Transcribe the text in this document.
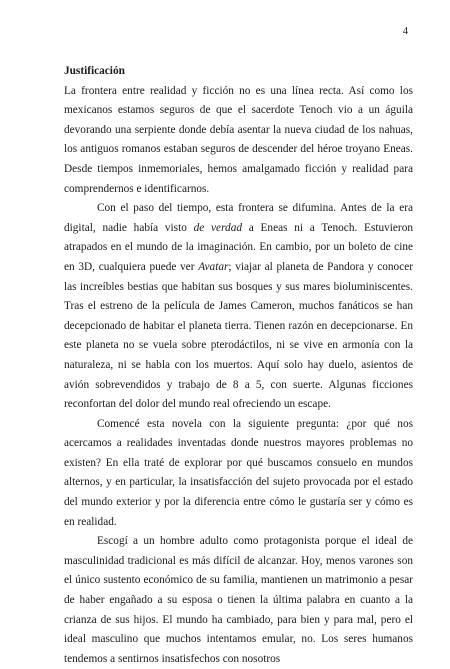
4

Justificación

La frontera entre realidad y ficción no es una línea recta. Así como los mexicanos estamos seguros de que el sacerdote Tenoch vio a un águila devorando una serpiente donde debía asentar la nueva ciudad de los nahuas, los antiguos romanos estaban seguros de descender del héroe troyano Eneas. Desde tiempos inmemoriales, hemos amalgamado ficción y realidad para comprendernos e identificarnos.

Con el paso del tiempo, esta frontera se difumina. Antes de la era digital, nadie había visto de verdad a Eneas ni a Tenoch. Estuvieron atrapados en el mundo de la imaginación. En cambio, por un boleto de cine en 3D, cualquiera puede ver Avatar; viajar al planeta de Pandora y conocer las increíbles bestias que habitan sus bosques y sus mares bioluminiscentes. Tras el estreno de la película de James Cameron, muchos fanáticos se han decepcionado de habitar el planeta tierra. Tienen razón en decepcionarse. En este planeta no se vuela sobre pterodáctilos, ni se vive en armonía con la naturaleza, ni se habla con los muertos. Aquí solo hay duelo, asientos de avión sobrevendidos y trabajo de 8 a 5, con suerte. Algunas ficciones reconfortan del dolor del mundo real ofreciendo un escape.

Comencé esta novela con la siguiente pregunta: ¿por qué nos acercamos a realidades inventadas donde nuestros mayores problemas no existen? En ella traté de explorar por qué buscamos consuelo en mundos alternos, y en particular, la insatisfacción del sujeto provocada por el estado del mundo exterior y por la diferencia entre cómo le gustaría ser y cómo es en realidad.

Escogí a un hombre adulto como protagonista porque el ideal de masculinidad tradicional es más difícil de alcanzar. Hoy, menos varones son el único sustento económico de su familia, mantienen un matrimonio a pesar de haber engañado a su esposa o tienen la última palabra en cuanto a la crianza de sus hijos. El mundo ha cambiado, para bien y para mal, pero el ideal masculino que muchos intentamos emular, no. Los seres humanos tendemos a sentirnos insatisfechos con nosotros
